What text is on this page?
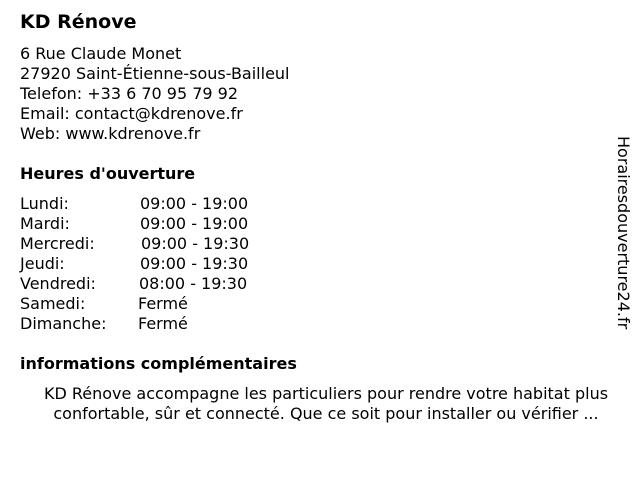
KD Rénove
6 Rue Claude Monet
27920 Saint-Étienne-sous-Bailleul
Telefon: +33 6 70 95 79 92
Email: contact@kdrenove.fr
Web: www.kdrenove.fr
Heures d'ouverture
Lundi:	09:00 - 19:00
Mardi:	09:00 - 19:00
Mercredi:	09:00 - 19:30
Jeudi:	09:00 - 19:30
Vendredi:	08:00 - 19:30
Samedi:	Fermé
Dimanche: Fermé
informations complémentaires
KD Rénove accompagne les particuliers pour rendre votre habitat plus
confortable, sûr et connecté. Que ce soit pour installer ou vérifier ...
Horairesdouverture24.fr
